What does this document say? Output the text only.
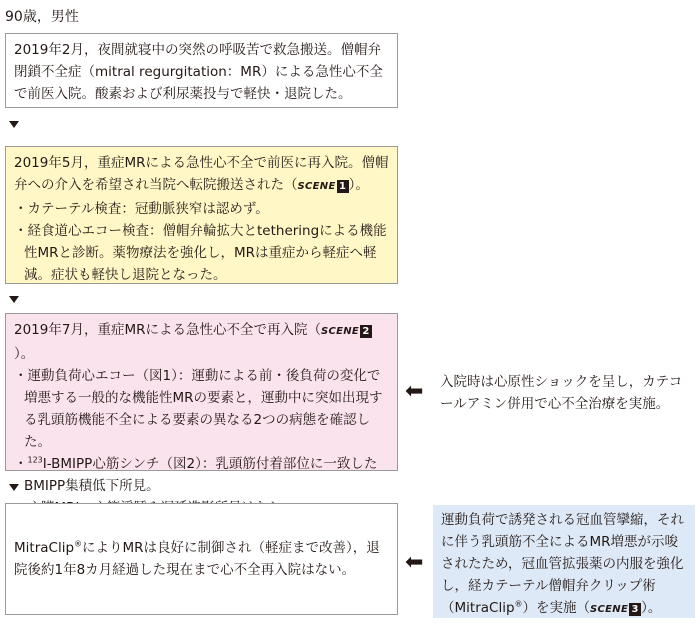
90歳，男性

2019年2月，夜間就寝中の突然の呼吸苦で救急搬送。僧帽弁閉鎖不全症（mitral regurgitation：MR）による急性心不全で前医入院。酸素および利尿薬投与で軽快・退院した。

2019年5月，重症MRによる急性心不全で前医に再入院。僧帽弁への介入を希望され当院へ転院搬送された（SCENE 1 ）。

・カテーテル検査：冠動脈狭窄は認めず。

・経食道心エコー検査：僧帽弁輪拡大とtetheringによる機能性MRと診断。薬物療法を強化し，MRは重症から軽症へ軽減。症状も軽快し退院となった。

2019年7月，重症MRによる急性心不全で再入院（SCENE 2）。

・運動負荷心エコー（図1）：運動による前・後負荷の変化で増悪する一般的な機能性MRの要素と，運動中に突如出現する乳頭筋機能不全による要素の異なる2つの病態を確認した。

・$^{123}$I-BMIPP心筋シンチ（図2）：乳頭筋付着部位に一致したBMIPP集積低下所見。

⬅ 入院時は心原性ショックを呈し，カテコールアミン併用で心不全治療を実施。

MitraClip®によりMRは良好に制御され（軽症まで改善），退院後約1年8カ月経過した現在まで心不全再入院はない。	⬅

運動負荷で誘発される冠血管攣縮，それに伴う乳頭筋不全によるMR増悪が示唆されたため，冠血管拡張薬の内服を強化し，経カテーテル僧帽弁クリップ術（MitraClip®）を実施（SCENE 3 ）。
